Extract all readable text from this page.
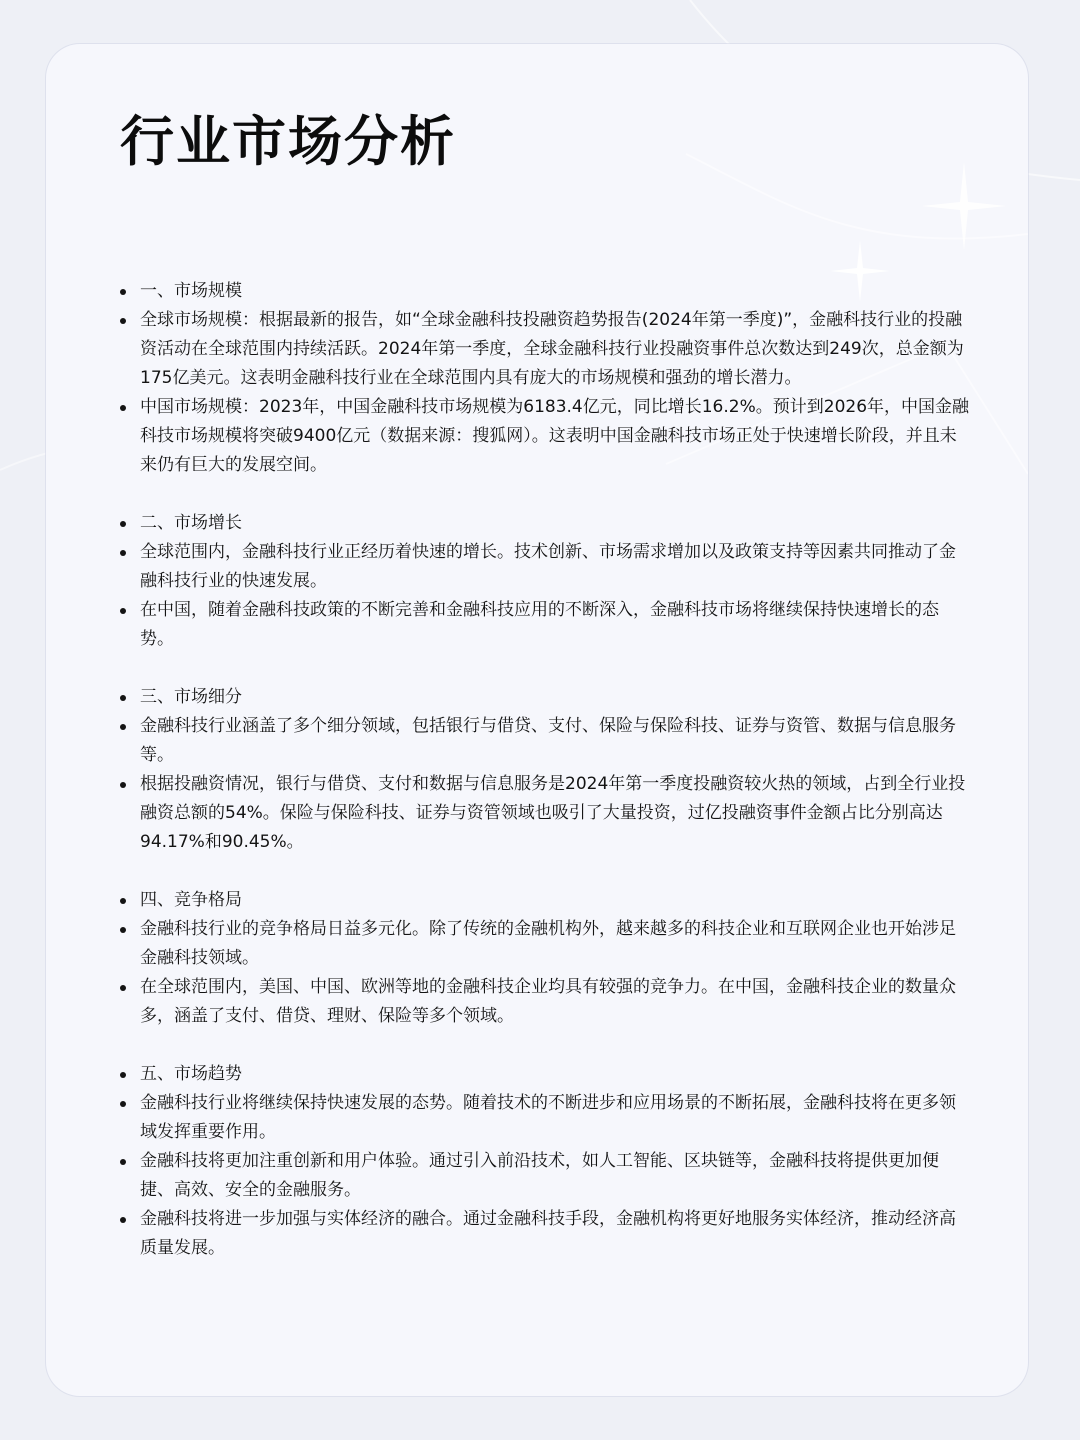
行业市场分析
一、市场规模
全球市场规模：根据最新的报告，如“全球金融科技投融资趋势报告(2024年第一季度)”，金融科技行业的投融资活动在全球范围内持续活跃。2024年第一季度，全球金融科技行业投融资事件总次数达到249次，总金额为175亿美元。这表明金融科技行业在全球范围内具有庞大的市场规模和强劲的增长潜力。
中国市场规模：2023年，中国金融科技市场规模为6183.4亿元，同比增长16.2%。预计到2026年，中国金融科技市场规模将突破9400亿元（数据来源：搜狐网）。这表明中国金融科技市场正处于快速增长阶段，并且未来仍有巨大的发展空间。
二、市场增长
全球范围内，金融科技行业正经历着快速的增长。技术创新、市场需求增加以及政策支持等因素共同推动了金融科技行业的快速发展。
在中国，随着金融科技政策的不断完善和金融科技应用的不断深入，金融科技市场将继续保持快速增长的态势。
三、市场细分
金融科技行业涵盖了多个细分领域，包括银行与借贷、支付、保险与保险科技、证券与资管、数据与信息服务等。
根据投融资情况，银行与借贷、支付和数据与信息服务是2024年第一季度投融资较火热的领域，占到全行业投融资总额的54%。保险与保险科技、证券与资管领域也吸引了大量投资，过亿投融资事件金额占比分别高达94.17%和90.45%。
四、竞争格局
金融科技行业的竞争格局日益多元化。除了传统的金融机构外，越来越多的科技企业和互联网企业也开始涉足金融科技领域。
在全球范围内，美国、中国、欧洲等地的金融科技企业均具有较强的竞争力。在中国，金融科技企业的数量众多，涵盖了支付、借贷、理财、保险等多个领域。
五、市场趋势
金融科技行业将继续保持快速发展的态势。随着技术的不断进步和应用场景的不断拓展，金融科技将在更多领域发挥重要作用。
金融科技将更加注重创新和用户体验。通过引入前沿技术，如人工智能、区块链等，金融科技将提供更加便捷、高效、安全的金融服务。
金融科技将进一步加强与实体经济的融合。通过金融科技手段，金融机构将更好地服务实体经济，推动经济高质量发展。
